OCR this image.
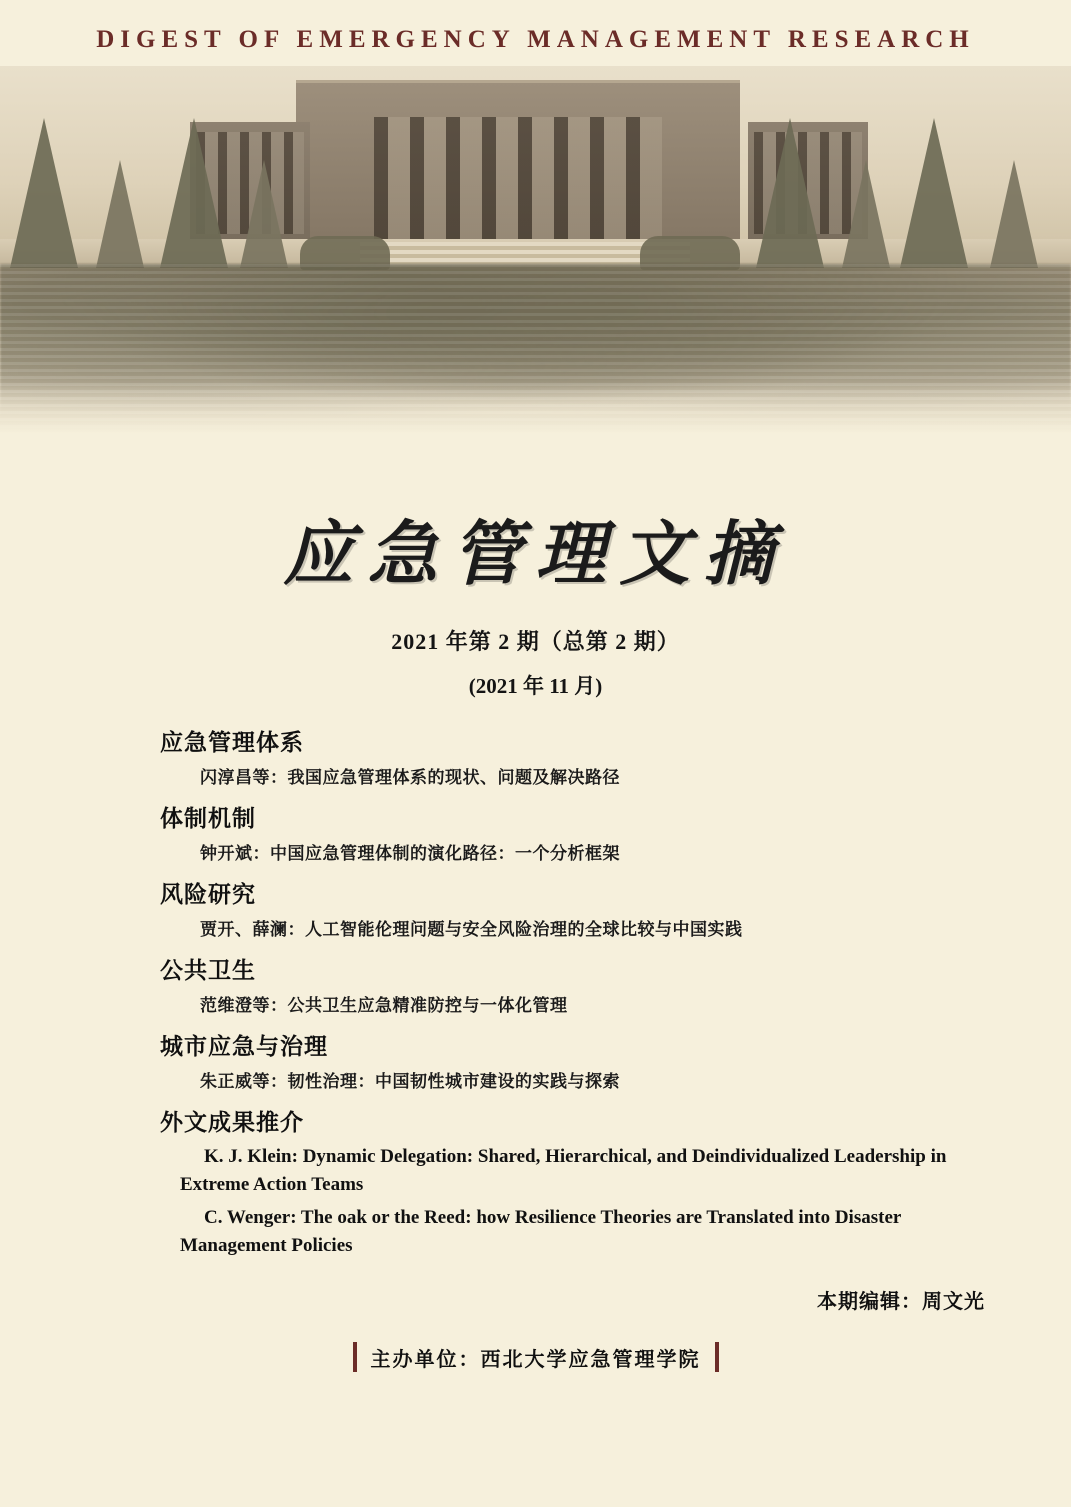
DIGEST OF EMERGENCY MANAGEMENT RESEARCH
应急管理文摘
2021 年第 2 期（总第 2 期）
(2021 年 11 月)
应急管理体系
闪淳昌等：我国应急管理体系的现状、问题及解决路径
体制机制
钟开斌：中国应急管理体制的演化路径：一个分析框架
风险研究
贾开、薛澜：人工智能伦理问题与安全风险治理的全球比较与中国实践
公共卫生
范维澄等：公共卫生应急精准防控与一体化管理
城市应急与治理
朱正威等：韧性治理：中国韧性城市建设的实践与探索
外文成果推介
K. J. Klein: Dynamic Delegation: Shared, Hierarchical, and Deindividualized Leadership in Extreme Action Teams
C. Wenger: The oak or the Reed: how Resilience Theories are Translated into Disaster Management Policies
本期编辑：周文光
主办单位：西北大学应急管理学院
